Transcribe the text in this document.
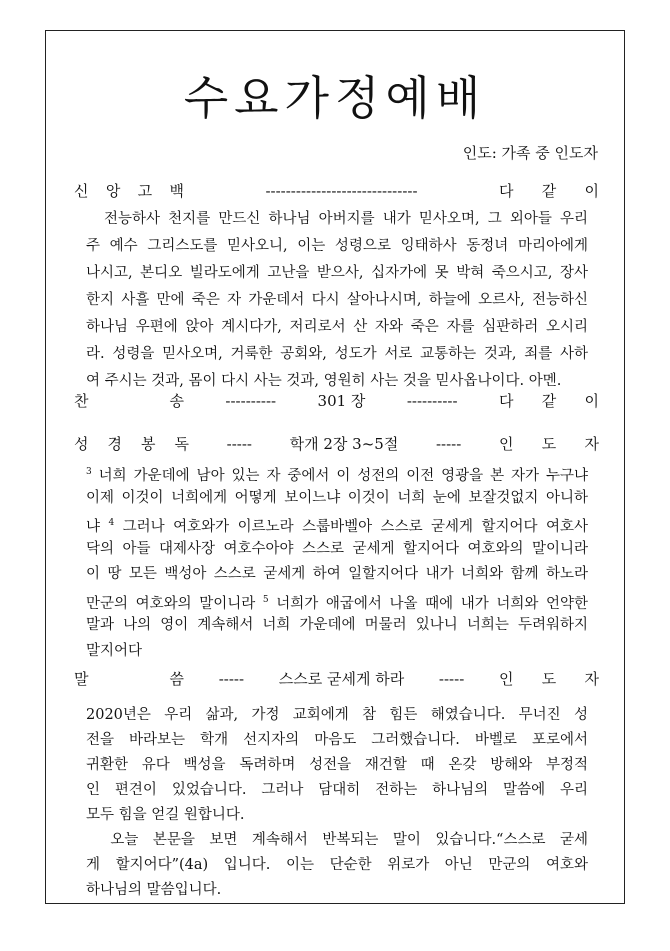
수요가정예배
인도: 가족 중 인도자
신 앙 고 백	------------------------------	다 같 이
　전능하사 천지를 만드신 하나님 아버지를 내가 믿사오며, 그 외아들 우리
주 예수 그리스도를 믿사오니, 이는 성령으로 잉태하사 동정녀 마리아에게
나시고, 본디오 빌라도에게 고난을 받으사, 십자가에 못 박혀 죽으시고, 장사
한지 사흘 만에 죽은 자 가운데서 다시 살아나시며, 하늘에 오르사, 전능하신
하나님 우편에 앉아 계시다가, 저리로서 산 자와 죽은 자를 심판하러 오시리
라. 성령을 믿사오며, 거룩한 공회와, 성도가 서로 교통하는 것과, 죄를 사하
여 주시는 것과, 몸이 다시 사는 것과, 영원히 사는 것을 믿사옵나이다. 아멘.
찬	송	----------	301 장	----------	다 같 이
성 경 봉 독	-----	학개 2장 3~5절	-----	인 도 자
$^3$ 너희 가운데에 남아 있는 자 중에서 이 성전의 이전 영광을 본 자가 누구냐
이제 이것이 너희에게 어떻게 보이느냐 이것이 너희 눈에 보잘것없지 아니하
냐 $^4$ 그러나 여호와가 이르노라 스룹바벨아 스스로 굳세게 할지어다 여호사
닥의 아들 대제사장 여호수아야 스스로 굳세게 할지어다 여호와의 말이니라
이 땅 모든 백성아 스스로 굳세게 하여 일할지어다 내가 너희와 함께 하노라
만군의 여호와의 말이니라 $^5$ 너희가 애굽에서 나올 때에 내가 너희와 언약한
말과 나의 영이 계속해서 너희 가운데에 머물러 있나니 너희는 두려워하지
말지어다
말	씀 ----- 스스로 굳세게 하라 ----- 인 도 자
2020년은 우리 삶과, 가정 교회에게 참 힘든 해였습니다. 무너진 성
전을 바라보는 학개 선지자의 마음도 그러했습니다. 바벨로 포로에서
귀환한 유다 백성을 독려하며 성전을 재건할 때 온갖 방해와 부정적
인 편견이 있었습니다. 그러나 담대히 전하는 하나님의 말씀에 우리
모두 힘을 얻길 원합니다.
　오늘 본문을 보면 계속해서 반복되는 말이 있습니다.“스스로 굳세
게 할지어다”(4a) 입니다. 이는 단순한 위로가 아닌 만군의 여호와
하나님의 말씀입니다.
